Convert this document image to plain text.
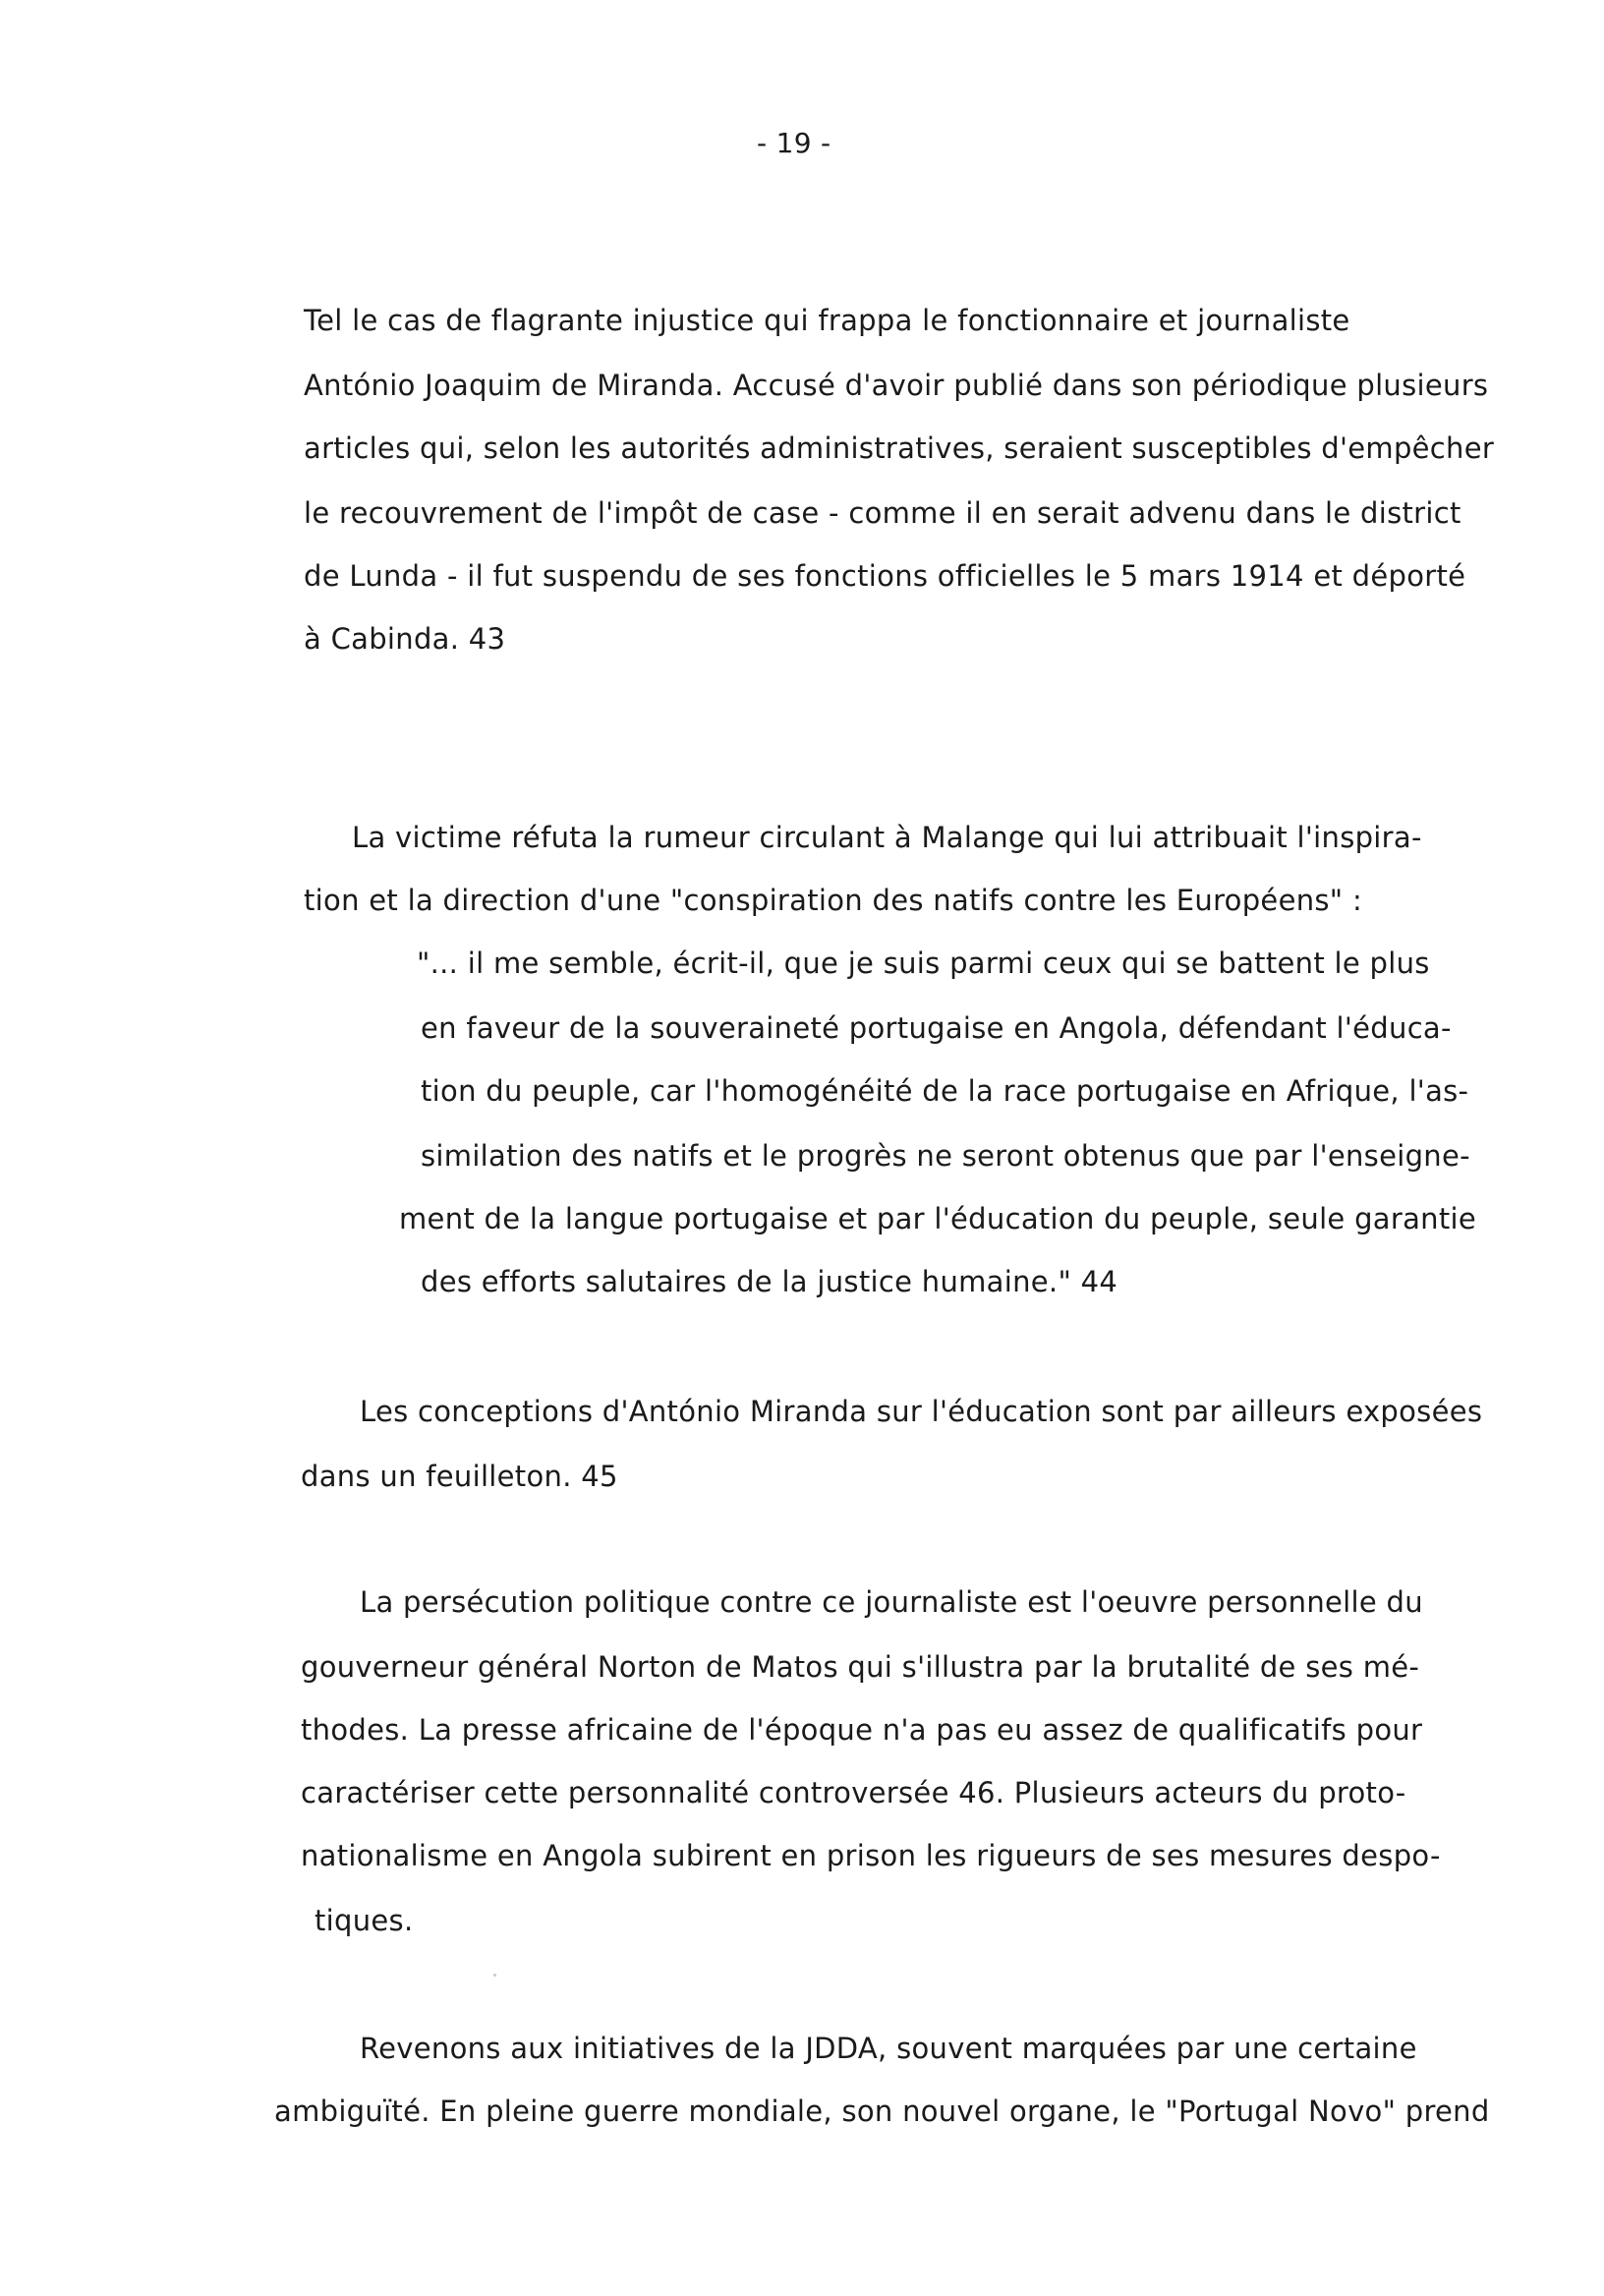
- 19 -
Tel le cas de flagrante injustice qui frappa le fonctionnaire et journaliste
António Joaquim de Miranda. Accusé d'avoir publié dans son périodique plusieurs
articles qui, selon les autorités administratives, seraient susceptibles d'empêcher
le recouvrement de l'impôt de case - comme il en serait advenu dans le district
de Lunda - il fut suspendu de ses fonctions officielles le 5 mars 1914 et déporté
à Cabinda. 43
La victime réfuta la rumeur circulant à Malange qui lui attribuait l'inspira-
tion et la direction d'une "conspiration des natifs contre les Européens" :
"... il me semble, écrit-il, que je suis parmi ceux qui se battent le plus
en faveur de la souveraineté portugaise en Angola, défendant l'éduca-
tion du peuple, car l'homogénéité de la race portugaise en Afrique, l'as-
similation des natifs et le progrès ne seront obtenus que par l'enseigne-
ment de la langue portugaise et par l'éducation du peuple, seule garantie
des efforts salutaires de la justice humaine." 44
Les conceptions d'António Miranda sur l'éducation sont par ailleurs exposées
dans un feuilleton. 45
La persécution politique contre ce journaliste est l'oeuvre personnelle du
gouverneur général Norton de Matos qui s'illustra par la brutalité de ses mé-
thodes. La presse africaine de l'époque n'a pas eu assez de qualificatifs pour
caractériser cette personnalité controversée 46. Plusieurs acteurs du proto-
nationalisme en Angola subirent en prison les rigueurs de ses mesures despo-
tiques.
Revenons aux initiatives de la JDDA, souvent marquées par une certaine
ambiguïté. En pleine guerre mondiale, son nouvel organe, le "Portugal Novo" prend
